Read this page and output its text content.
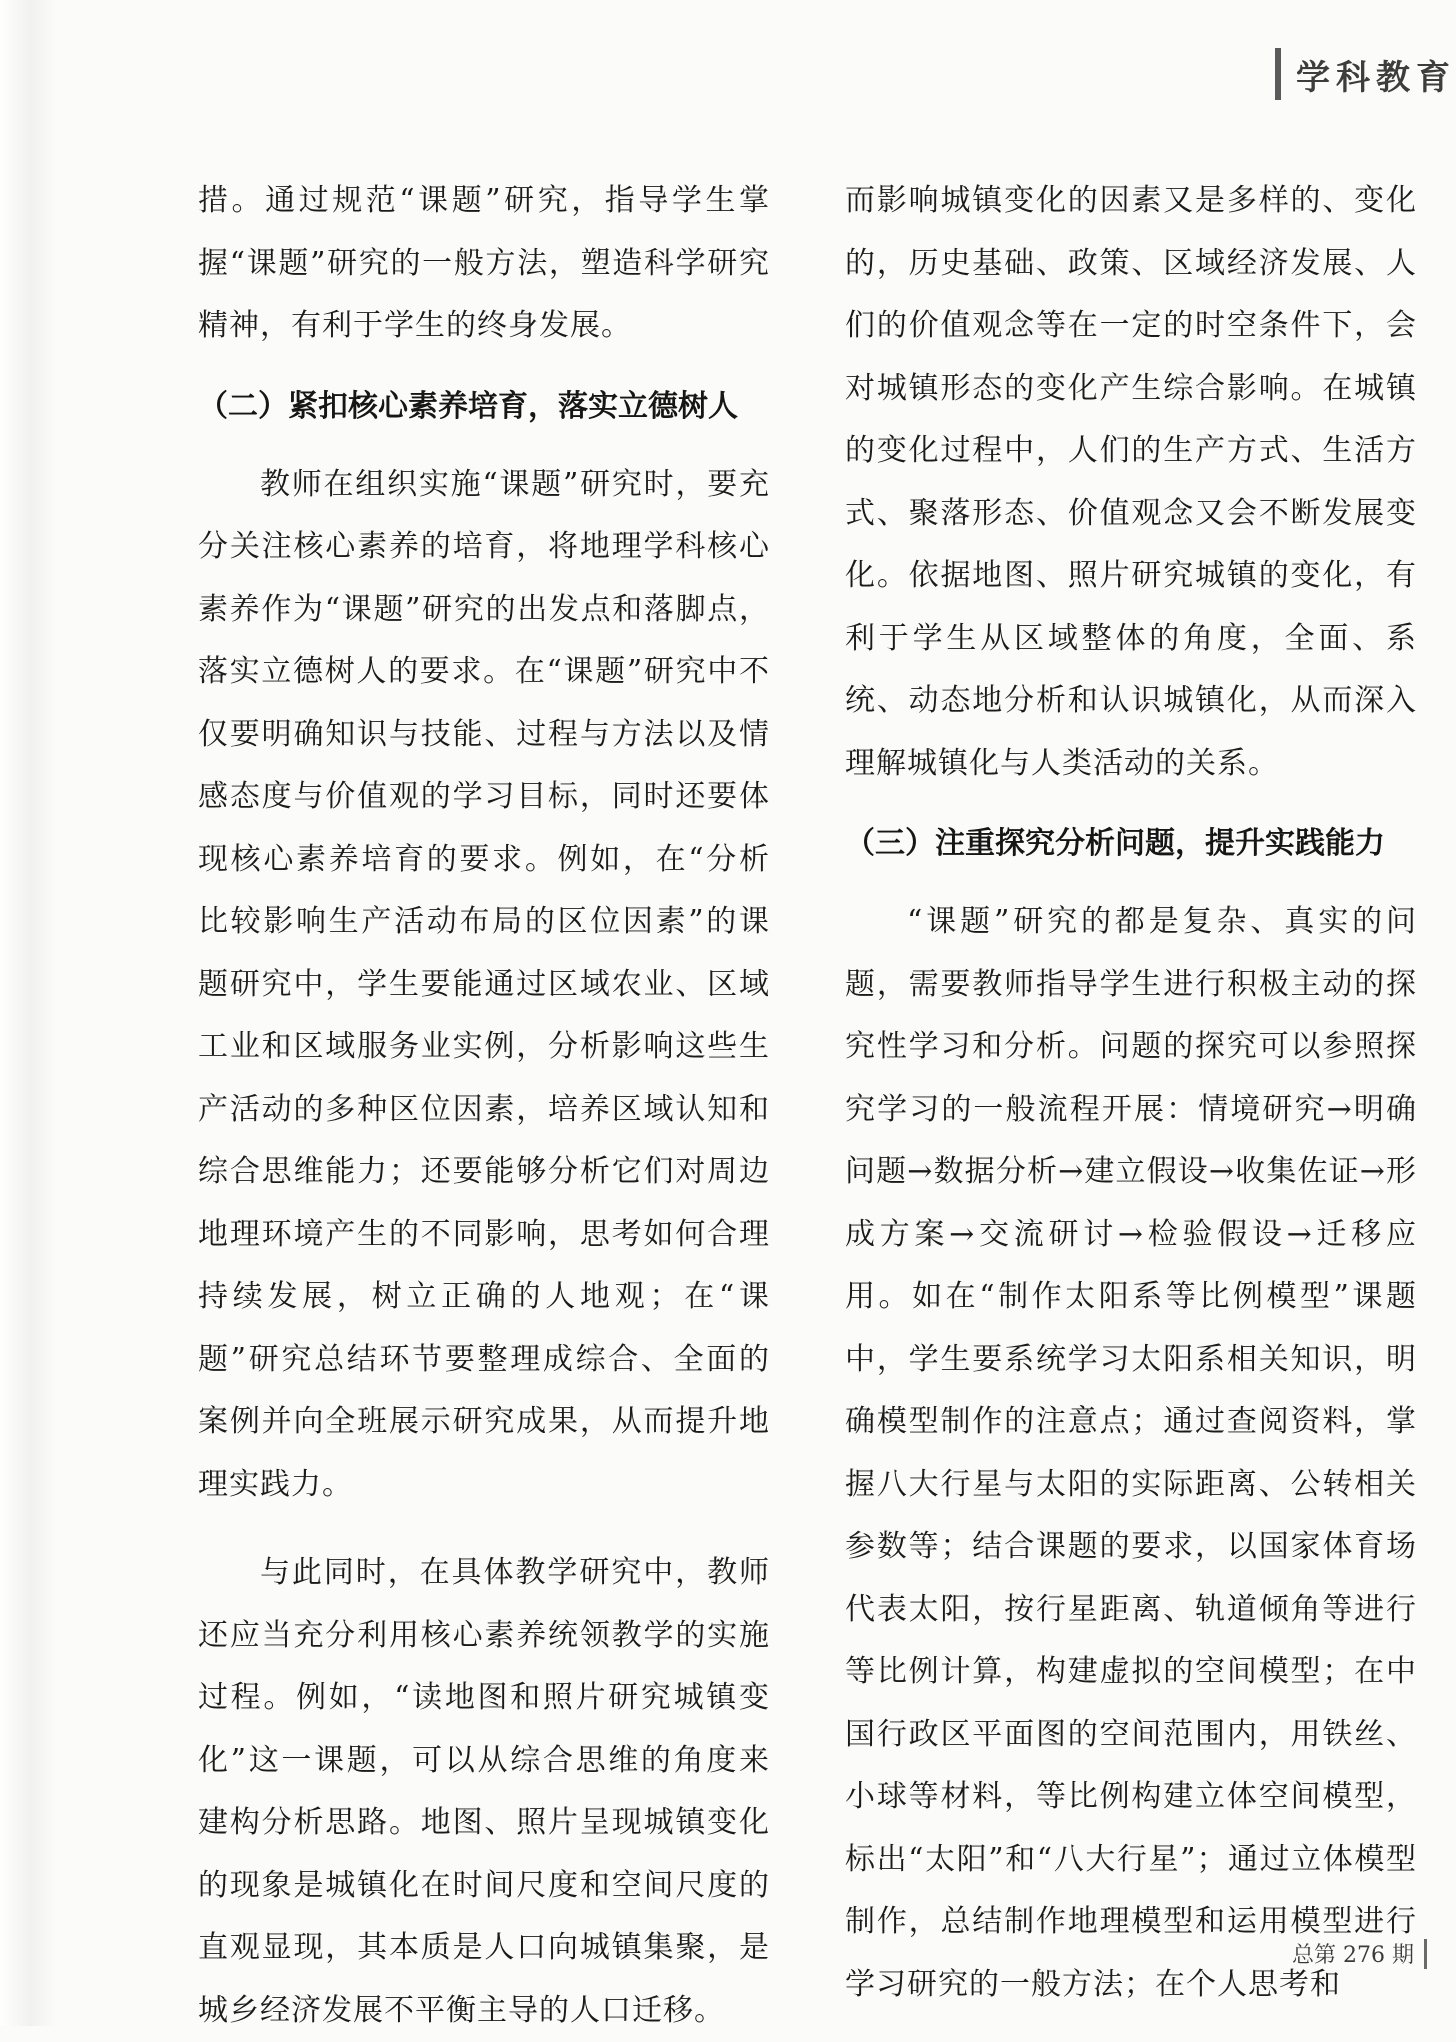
学科教育

措。通过规范“课题”研究，指导学生掌握“课题”研究的一般方法，塑造科学研究精神，有利于学生的终身发展。

（二）紧扣核心素养培育，落实立德树人

教师在组织实施“课题”研究时，要充分关注核心素养的培育，将地理学科核心素养作为“课题”研究的出发点和落脚点，落实立德树人的要求。在“课题”研究中不仅要明确知识与技能、过程与方法以及情感态度与价值观的学习目标，同时还要体现核心素养培育的要求。例如，在“分析比较影响生产活动布局的区位因素”的课题研究中，学生要能通过区域农业、区域工业和区域服务业实例，分析影响这些生产活动的多种区位因素，培养区域认知和综合思维能力；还要能够分析它们对周边地理环境产生的不同影响，思考如何合理持续发展，树立正确的人地观；在“课题”研究总结环节要整理成综合、全面的案例并向全班展示研究成果，从而提升地理实践力。

与此同时，在具体教学研究中，教师还应当充分利用核心素养统领教学的实施过程。例如，“读地图和照片研究城镇变化”这一课题，可以从综合思维的角度来建构分析思路。地图、照片呈现城镇变化的现象是城镇化在时间尺度和空间尺度的直观显现，其本质是人口向城镇集聚，是城乡经济发展不平衡主导的人口迁移。

而影响城镇变化的因素又是多样的、变化的，历史基础、政策、区域经济发展、人们的价值观念等在一定的时空条件下，会对城镇形态的变化产生综合影响。在城镇的变化过程中，人们的生产方式、生活方式、聚落形态、价值观念又会不断发展变化。依据地图、照片研究城镇的变化，有利于学生从区域整体的角度，全面、系统、动态地分析和认识城镇化，从而深入理解城镇化与人类活动的关系。

（三）注重探究分析问题，提升实践能力

“课题”研究的都是复杂、真实的问题，需要教师指导学生进行积极主动的探究性学习和分析。问题的探究可以参照探究学习的一般流程开展：情境研究→明确问题→数据分析→建立假设→收集佐证→形成方案→交流研讨→检验假设→迁移应用。如在“制作太阳系等比例模型”课题中，学生要系统学习太阳系相关知识，明确模型制作的注意点；通过查阅资料，掌握八大行星与太阳的实际距离、公转相关参数等；结合课题的要求，以国家体育场代表太阳，按行星距离、轨道倾角等进行等比例计算，构建虚拟的空间模型；在中国行政区平面图的空间范围内，用铁丝、小球等材料，等比例构建立体空间模型，标出“太阳”和“八大行星”；通过立体模型制作，总结制作地理模型和运用模型进行学习研究的一般方法；在个人思考和

总第 276 期
